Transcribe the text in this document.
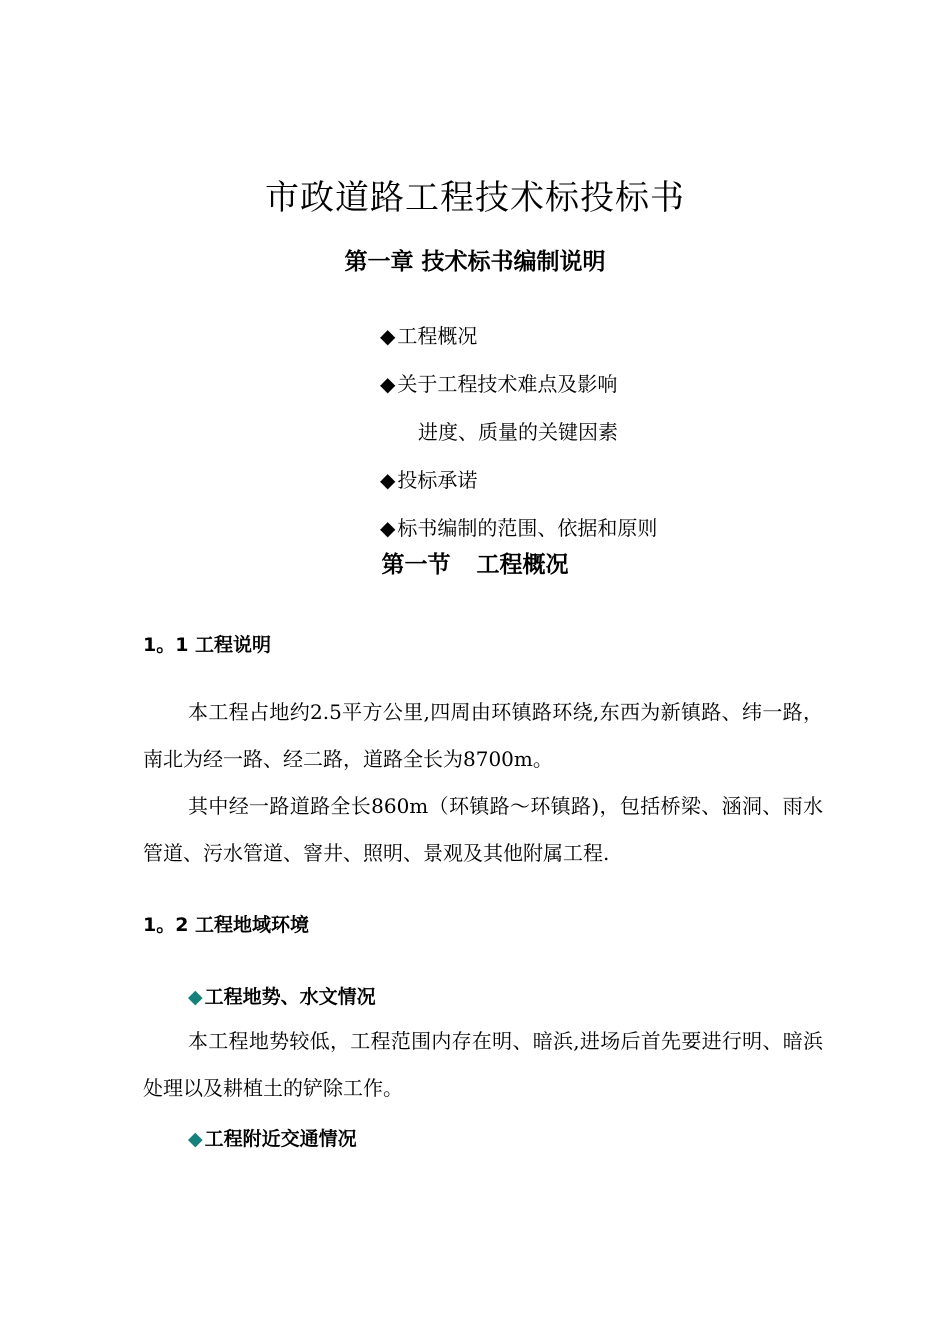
市政道路工程技术标投标书
第一章 技术标书编制说明
◆ 工程概况
◆ 关于工程技术难点及影响
进度、质量的关键因素
◆ 投标承诺
◆ 标书编制的范围、依据和原则
第一节 工程概况
1。1 工程说明
本工程占地约2.5平方公里,四周由环镇路环绕,东西为新镇路、纬一路，南北为经一路、经二路，道路全长为8700m。
其中经一路道路全长860m（环镇路～环镇路)，包括桥梁、涵洞、雨水管道、污水管道、窨井、照明、景观及其他附属工程.
1。2 工程地域环境
◆ 工程地势、水文情况
本工程地势较低，工程范围内存在明、暗浜,进场后首先要进行明、暗浜处理以及耕植土的铲除工作。
◆ 工程附近交通情况
